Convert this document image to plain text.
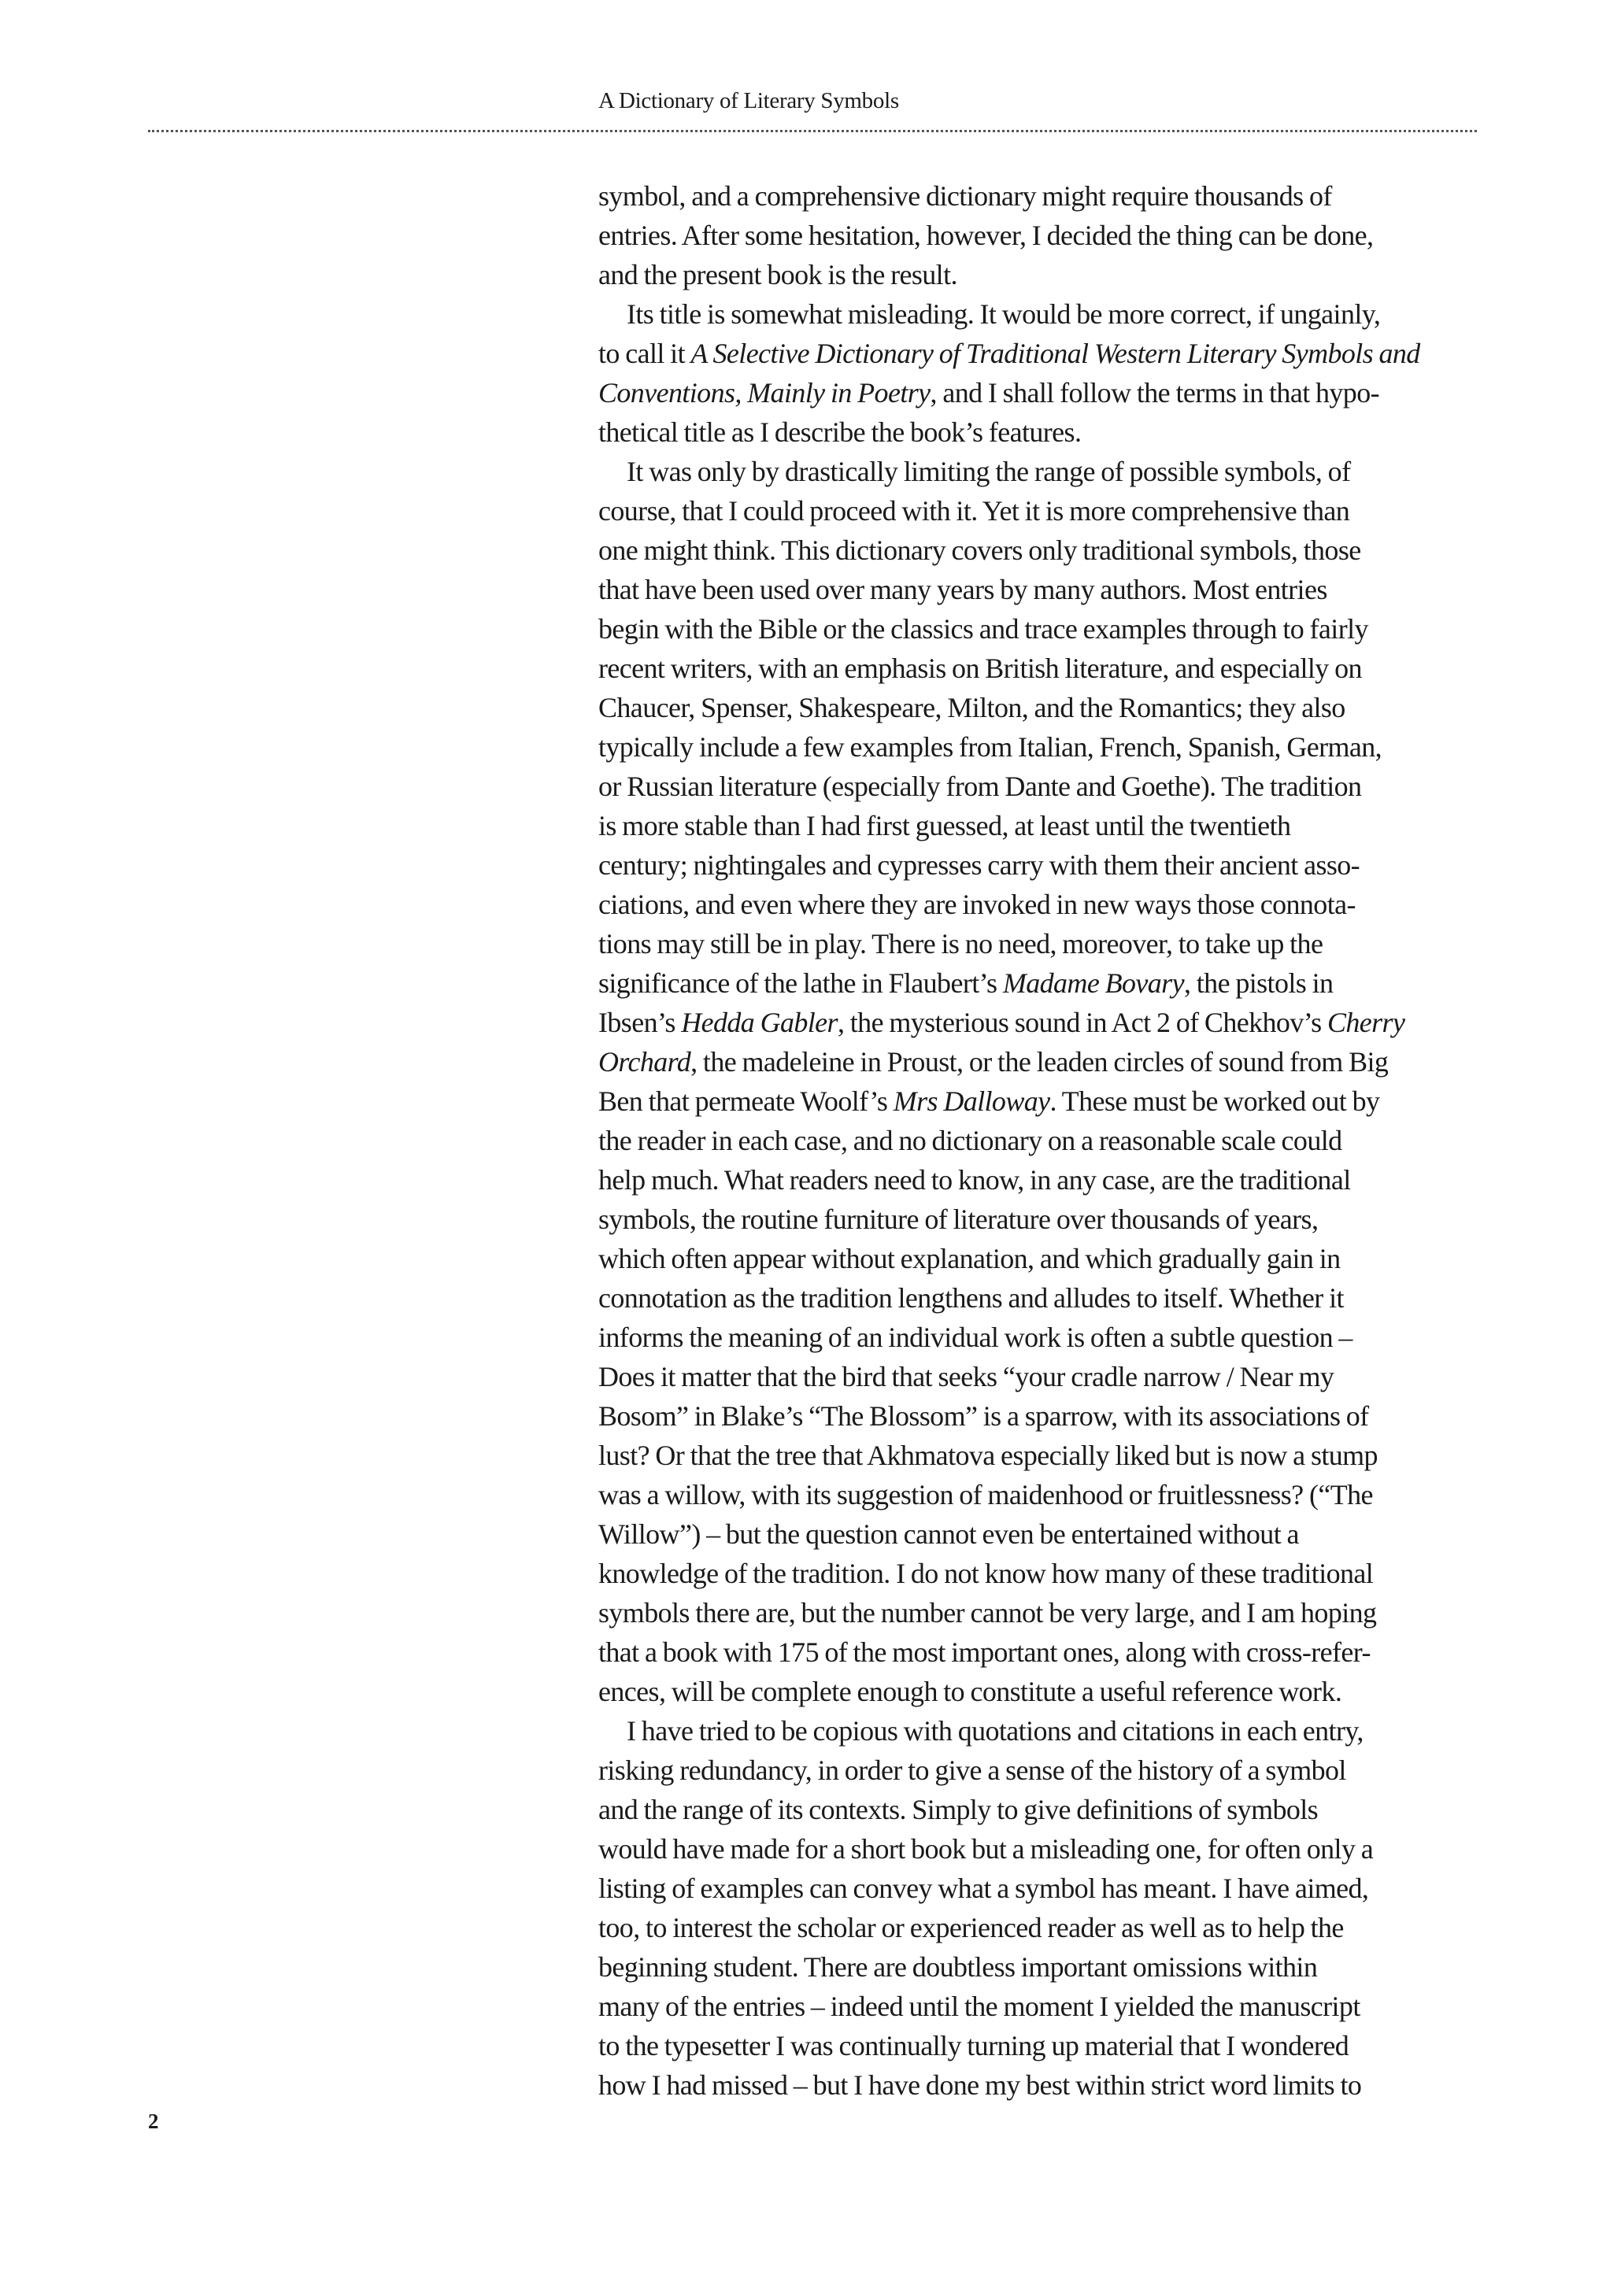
A Dictionary of Literary Symbols
symbol, and a comprehensive dictionary might require thousands of
entries. After some hesitation, however, I decided the thing can be done,
and the present book is the result.
Its title is somewhat misleading. It would be more correct, if ungainly,
to call it A Selective Dictionary of Traditional Western Literary Symbols and
Conventions, Mainly in Poetry, and I shall follow the terms in that hypo-
thetical title as I describe the book’s features.
It was only by drastically limiting the range of possible symbols, of
course, that I could proceed with it. Yet it is more comprehensive than
one might think. This dictionary covers only traditional symbols, those
that have been used over many years by many authors. Most entries
begin with the Bible or the classics and trace examples through to fairly
recent writers, with an emphasis on British literature, and especially on
Chaucer, Spenser, Shakespeare, Milton, and the Romantics; they also
typically include a few examples from Italian, French, Spanish, German,
or Russian literature (especially from Dante and Goethe). The tradition
is more stable than I had first guessed, at least until the twentieth
century; nightingales and cypresses carry with them their ancient asso-
ciations, and even where they are invoked in new ways those connota-
tions may still be in play. There is no need, moreover, to take up the
significance of the lathe in Flaubert’s Madame Bovary, the pistols in
Ibsen’s Hedda Gabler, the mysterious sound in Act 2 of Chekhov’s Cherry
Orchard, the madeleine in Proust, or the leaden circles of sound from Big
Ben that permeate Woolf’s Mrs Dalloway. These must be worked out by
the reader in each case, and no dictionary on a reasonable scale could
help much. What readers need to know, in any case, are the traditional
symbols, the routine furniture of literature over thousands of years,
which often appear without explanation, and which gradually gain in
connotation as the tradition lengthens and alludes to itself. Whether it
informs the meaning of an individual work is often a subtle question –
Does it matter that the bird that seeks “your cradle narrow / Near my
Bosom” in Blake’s “The Blossom” is a sparrow, with its associations of
lust? Or that the tree that Akhmatova especially liked but is now a stump
was a willow, with its suggestion of maidenhood or fruitlessness? (“The
Willow”) – but the question cannot even be entertained without a
knowledge of the tradition. I do not know how many of these traditional
symbols there are, but the number cannot be very large, and I am hoping
that a book with 175 of the most important ones, along with cross-refer-
ences, will be complete enough to constitute a useful reference work.
I have tried to be copious with quotations and citations in each entry,
risking redundancy, in order to give a sense of the history of a symbol
and the range of its contexts. Simply to give definitions of symbols
would have made for a short book but a misleading one, for often only a
listing of examples can convey what a symbol has meant. I have aimed,
too, to interest the scholar or experienced reader as well as to help the
beginning student. There are doubtless important omissions within
many of the entries – indeed until the moment I yielded the manuscript
to the typesetter I was continually turning up material that I wondered
how I had missed – but I have done my best within strict word limits to
2
